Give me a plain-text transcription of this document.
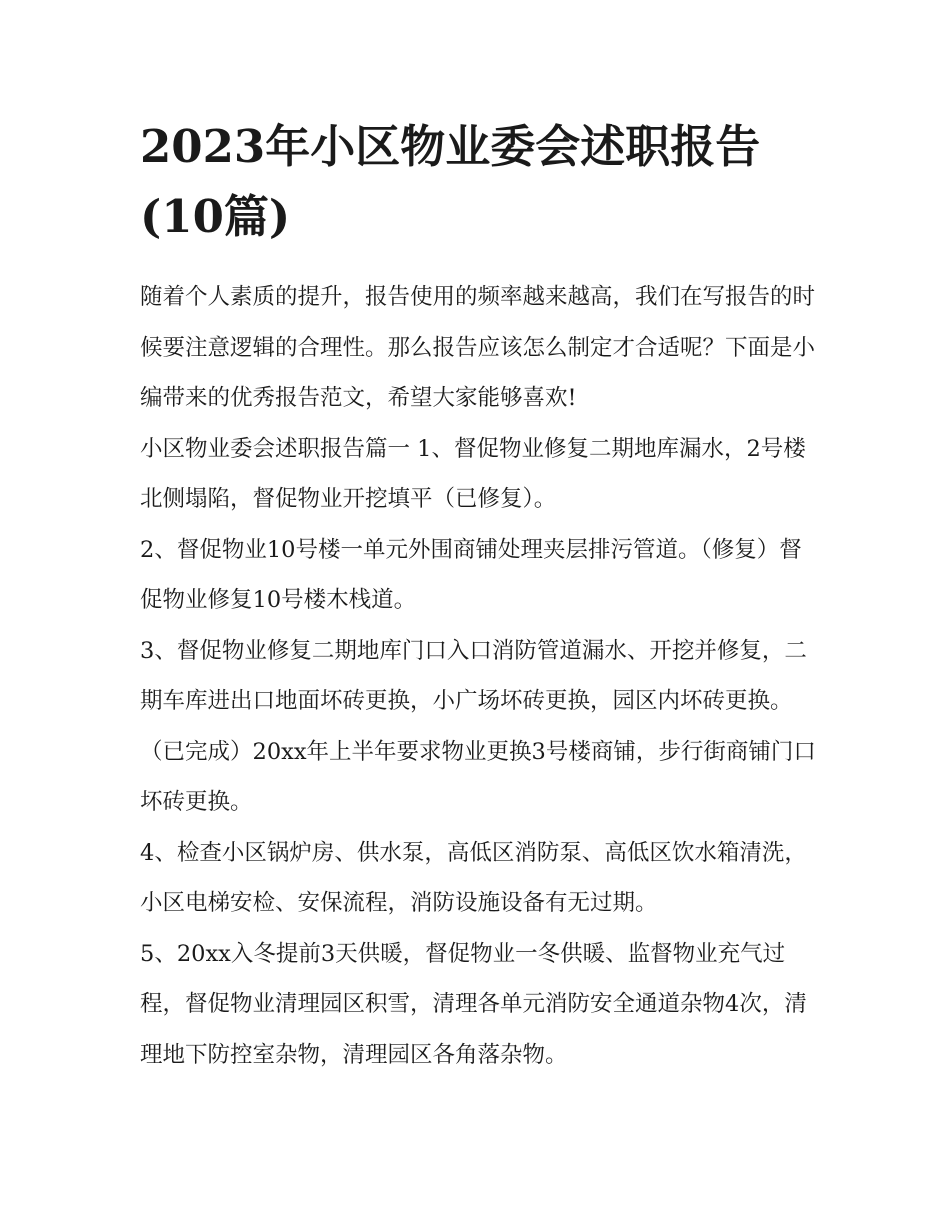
2023年小区物业委会述职报告(10篇)

随着个人素质的提升，报告使用的频率越来越高，我们在写报告的时候要注意逻辑的合理性。那么报告应该怎么制定才合适呢？下面是小编带来的优秀报告范文，希望大家能够喜欢!

小区物业委会述职报告篇一 1、督促物业修复二期地库漏水，2号楼北侧塌陷，督促物业开挖填平（已修复）。

2、督促物业10号楼一单元外围商铺处理夹层排污管道。（修复）督促物业修复10号楼木栈道。

3、督促物业修复二期地库门口入口消防管道漏水、开挖并修复，二期车库进出口地面坏砖更换，小广场坏砖更换，园区内坏砖更换。（已完成）20xx年上半年要求物业更换3号楼商铺，步行街商铺门口坏砖更换。

4、检查小区锅炉房、供水泵，高低区消防泵、高低区饮水箱清洗，小区电梯安检、安保流程，消防设施设备有无过期。

5、20xx入冬提前3天供暖，督促物业一冬供暖、监督物业充气过程，督促物业清理园区积雪，清理各单元消防安全通道杂物4次，清理地下防控室杂物，清理园区各角落杂物。
